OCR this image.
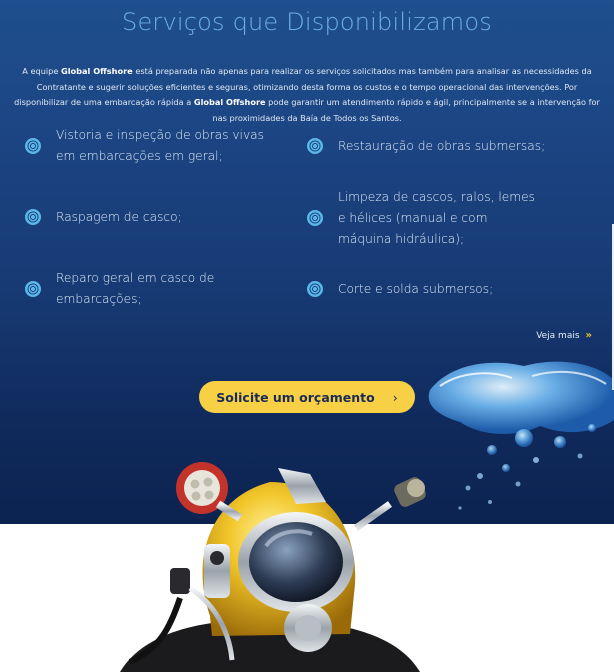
Serviços que Disponibilizamos

A equipe Global Offshore está preparada não apenas para realizar os serviços solicitados mas também para analisar as necessidades da Contratante e sugerir soluções eficientes e seguras, otimizando desta forma os custos e o tempo operacional das intervenções. Por disponibilizar de uma embarcação rápida a Global Offshore pode garantir um atendimento rápido e ágil, principalmente se a intervenção for nas proximidades da Baía de Todos os Santos.

Vistoria e inspeção de obras vivas em embarcações em geral;
Restauração de obras submersas;
Raspagem de casco;
Limpeza de cascos, ralos, lemes e hélices (manual e com máquina hidráulica);
Reparo geral em casco de embarcações;
Corte e solda submersos;
Veja mais »
Solicite um orçamento ›
